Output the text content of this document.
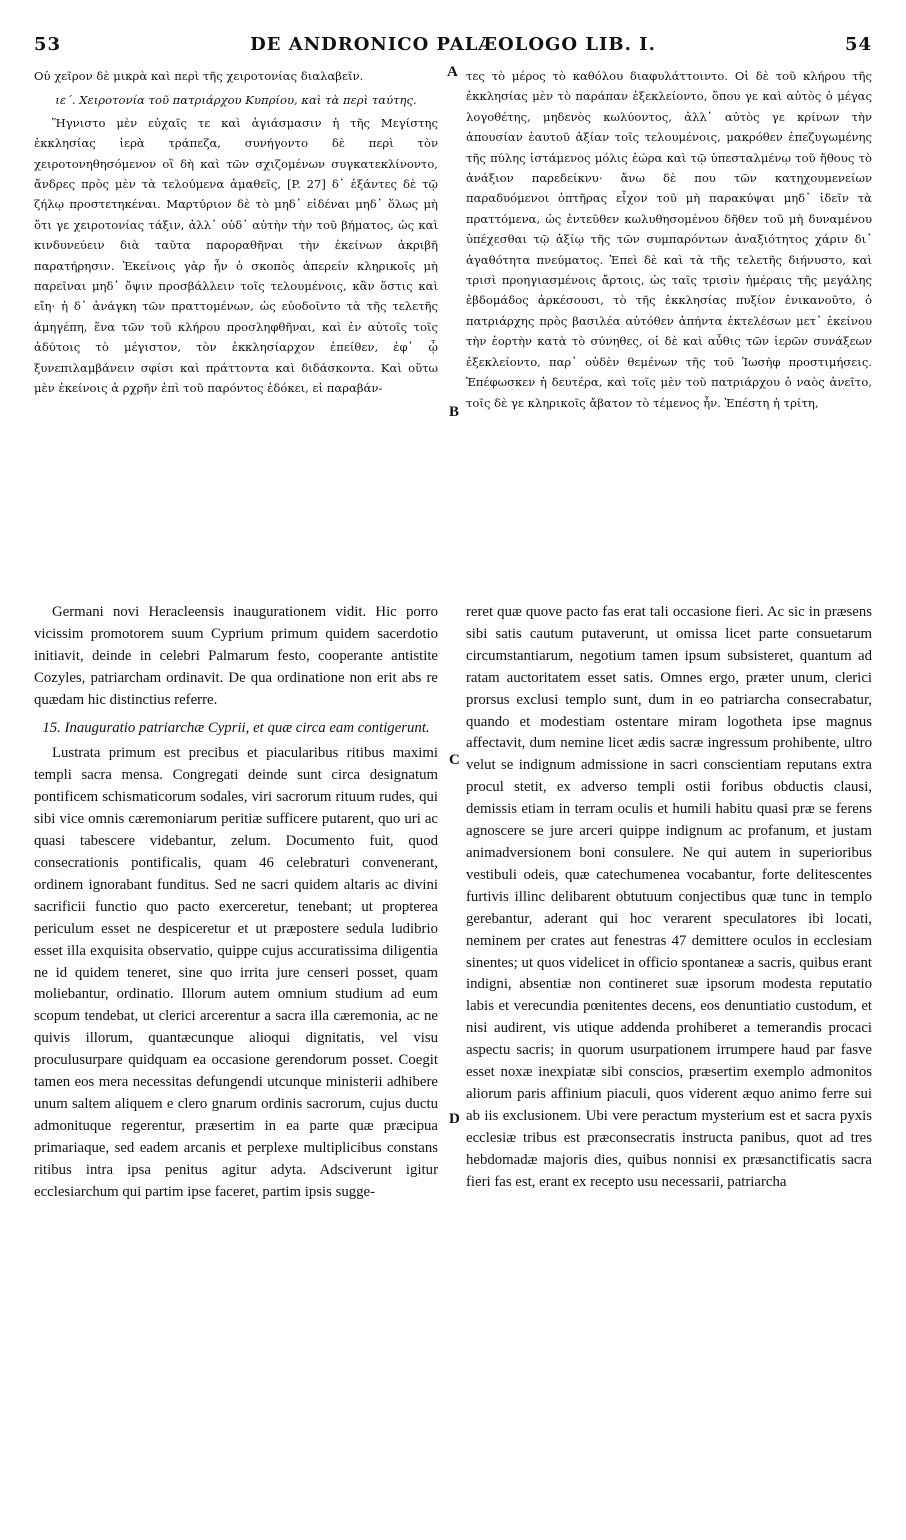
53	DE ANDRONICO PALÆOLOGO LIB. I.	54

Οὐ χεῖρον δὲ μικρὰ καὶ περὶ τῆς χειροτονίας διαλαβεῖν.

ιε΄. Χειροτονία τοῦ πατριάρχου Κυπρίου, καὶ τὰ περὶ ταύτης.

Ἥγνιστο μὲν εὐχαῖς τε καὶ ἁγιάσμασιν ἡ τῆς Μεγίστης ἐκκλησίας ἱερὰ τράπεζα, συνήγοντο δὲ περὶ τὸν χειροτονηθησόμενον οἳ δὴ καὶ τῶν σχιζομένων συγκατεκλίνοντο, ἄνδρες πρὸς μὲν τὰ τελούμενα ἀμαθεῖς, [P. 27] δ᾽ ἐξάντες δὲ τῷ ζήλῳ προστετηκέναι. Μαρτύριον δὲ τὸ μηδ᾽ εἰδέναι μηδ᾽ ὅλως μὴ ὅτι γε χειροτονίας τάξιν, ἀλλ᾽ οὐδ᾽ αὐτὴν τὴν τοῦ βήματος, ὡς καὶ κινδυνεύειν διὰ ταῦτα παροραθῆναι τὴν ἐκείνων ἀκριβῆ παρατήρησιν. Ἐκείνοις γὰρ ἦν ὁ σκοπὸς ἀπερείν κληρικοῖς μὴ παρεῖναι μηδ᾽ ὄψιν προσβάλλειν τοῖς τελουμένοις, κἂν ὅστις καὶ εἴη· ἡ δ᾽ ἀνάγκη τῶν πραττομένων, ὡς εὐοδοῖντο τὰ τῆς τελετῆς ἀμηγέπη, ἕνα τῶν τοῦ κλήρου προσληφθῆναι, καὶ ἐν αὐτοῖς τοῖς ἀδύτοις τὸ μέγιστον, τὸν ἐκκλησίαρχον ἐπείθεν, ἐφ᾽ ᾧ ξυνεπιλαμβάνειν σφίσι καὶ πράττοντα καὶ διδάσκοντα. Καὶ οὕτω μὲν ἐκείνοις ἀ ρχρῆν ἐπὶ τοῦ παρόντος ἐδόκει, εἰ παραβάν-

τες τὸ μέρος τὸ καθόλου διαφυλάττοιντο. Οἱ δὲ τοῦ κλήρου τῆς ἐκκλησίας μὲν τὸ παράπαν ἐξεκλείοντο, ὅπου γε καὶ αὐτὸς ὁ μέγας λογοθέτης, μηδενὸς κωλύοντος, ἀλλ᾽ αὐτὸς γε κρίνων τὴν ἀπουσίαν ἑαυτοῦ ἀξίαν τοῖς τελουμένοις, μακρόθεν ἐπεζυγωμένης τῆς πύλης ἱστάμενος μόλις ἑώρα καὶ τῷ ὑπεσταλμένῳ τοῦ ἤθους τὸ ἀνάξιον παρεδείκνυ· ἄνω δὲ που τῶν κατηχουμενείων παραδυόμενοι ὀπτῆρας εἶχον τοῦ μὴ παρακύψαι μηδ᾽ ἰδεῖν τὰ πραττόμενα, ὡς ἐντεῦθεν κωλυθησομένου δῆθεν τοῦ μὴ δυναμένου ὑπέχεσθαι τῷ ἀξίῳ τῆς τῶν συμπαρόντων ἀναξιότητος χάριν δι᾽ ἀγαθότητα πνεύματος. Ἐπεὶ δὲ καὶ τὰ τῆς τελετῆς διήνυστο, καὶ τρισὶ προηγιασμένοις ἄρτοις, ὡς ταῖς τρισὶν ἡμέραις τῆς μεγάλης ἑβδομάδος ἀρκέσουσι, τὸ τῆς ἐκκλησίας πυξίον ἐνικανοῦτο, ὁ πατριάρχης πρὸς βασιλέα αὐτόθεν ἀπήντα ἐκτελέσων μετ᾽ ἐκείνου τὴν ἑορτὴν κατὰ τὸ σύνηθες, οἱ δὲ καὶ αὖθις τῶν ἱερῶν συνάξεων ἐξεκλείοντο, παρ᾽ οὐδὲν θεμένων τῆς τοῦ Ἰωσὴφ προστιμήσεις. Ἐπέφωσκεν ἡ δευτέρα, καὶ τοῖς μὲν τοῦ πατριάρχου ὁ ναὸς ἀνεῖτο, τοῖς δὲ γε κληρικοῖς ἄβατον τὸ τέμενος ἦν. Ἐπέστη ἡ τρίτη,

A
B
C
D

Germani novi Heracleensis inaugurationem vidit. Hic porro vicissim promotorem suum Cyprium primum quidem sacerdotio initiavit, deinde in celebri Palmarum festo, cooperante antistite Cozyles, patriarcham ordinavit. De qua ordinatione non erit abs re quædam hic distinctius referre.

15. Inauguratio patriarchæ Cyprii, et quæ circa eam contigerunt.

Lustrata primum est precibus et piacularibus ritibus maximi templi sacra mensa. Congregati deinde sunt circa designatum pontificem schismaticorum sodales, viri sacrorum rituum rudes, qui sibi vice omnis cæremoniarum peritiæ sufficere putarent, quo uri ac quasi tabescere videbantur, zelum. Documento fuit, quod consecrationis pontificalis, quam 46 celebraturi convenerant, ordinem ignorabant funditus. Sed ne sacri quidem altaris ac divini sacrificii functio quo pacto exerceretur, tenebant; ut propterea periculum esset ne despiceretur et ut præpostere sedula ludibrio esset illa exquisita observatio, quippe cujus accuratissima diligentia ne id quidem teneret, sine quo irrita jure censeri posset, quam moliebantur, ordinatio. Illorum autem omnium studium ad eum scopum tendebat, ut clerici arcerentur a sacra illa cæremonia, ac ne quivis illorum, quantæcunque alioqui dignitatis, vel visu proculusurpare quidquam ea occasione gerendorum posset. Coegit tamen eos mera necessitas defungendi utcunque ministerii adhibere unum saltem aliquem e clero gnarum ordinis sacrorum, cujus ductu admonituque regerentur, præsertim in ea parte quæ præcipua primariaque, sed eadem arcanis et perplexe multiplicibus constans ritibus intra ipsa penitus agitur adyta. Adsciverunt igitur ecclesiarchum qui partim ipse faceret, partim ipsis sugge-

reret quæ quove pacto fas erat tali occasione fieri. Ac sic in præsens sibi satis cautum putaverunt, ut omissa licet parte consuetarum circumstantiarum, negotium tamen ipsum subsisteret, quantum ad ratam auctoritatem esset satis. Omnes ergo, præter unum, clerici prorsus exclusi templo sunt, dum in eo patriarcha consecrabatur, quando et modestiam ostentare miram logotheta ipse magnus affectavit, dum nemine licet ædis sacræ ingressum prohibente, ultro velut se indignum admissione in sacri conscientiam reputans extra procul stetit, ex adverso templi ostii foribus obductis clausi, demissis etiam in terram oculis et humili habitu quasi præ se ferens agnoscere se jure arceri quippe indignum ac profanum, et justam animadversionem boni consulere. Ne qui autem in superioribus vestibuli odeis, quæ catechumenea vocabantur, forte delitescentes furtivis illinc delibarent obtutuum conjectibus quæ tunc in templo gerebantur, aderant qui hoc verarent speculatores ibi locati, neminem per crates aut fenestras 47 demittere oculos in ecclesiam sinentes; ut quos videlicet in officio spontaneæ a sacris, quibus erant indigni, absentiæ non contineret suæ ipsorum modesta reputatio labis et verecundia pœnitentes decens, eos denuntiatio custodum, et nisi audirent, vis utique addenda prohiberet a temerandis procaci aspectu sacris; in quorum usurpationem irrumpere haud par fasve esset noxæ inexpiatæ sibi conscios, præsertim exemplo admonitos aliorum paris affinium piaculi, quos viderent æquo animo ferre sui ab iis exclusionem. Ubi vere peractum mysterium est et sacra pyxis ecclesiæ tribus est præconsecratis instructa panibus, quot ad tres hebdomadæ majoris dies, quibus nonnisi ex præsanctificatis sacra fieri fas est, erant ex recepto usu necessarii, patriarcha
